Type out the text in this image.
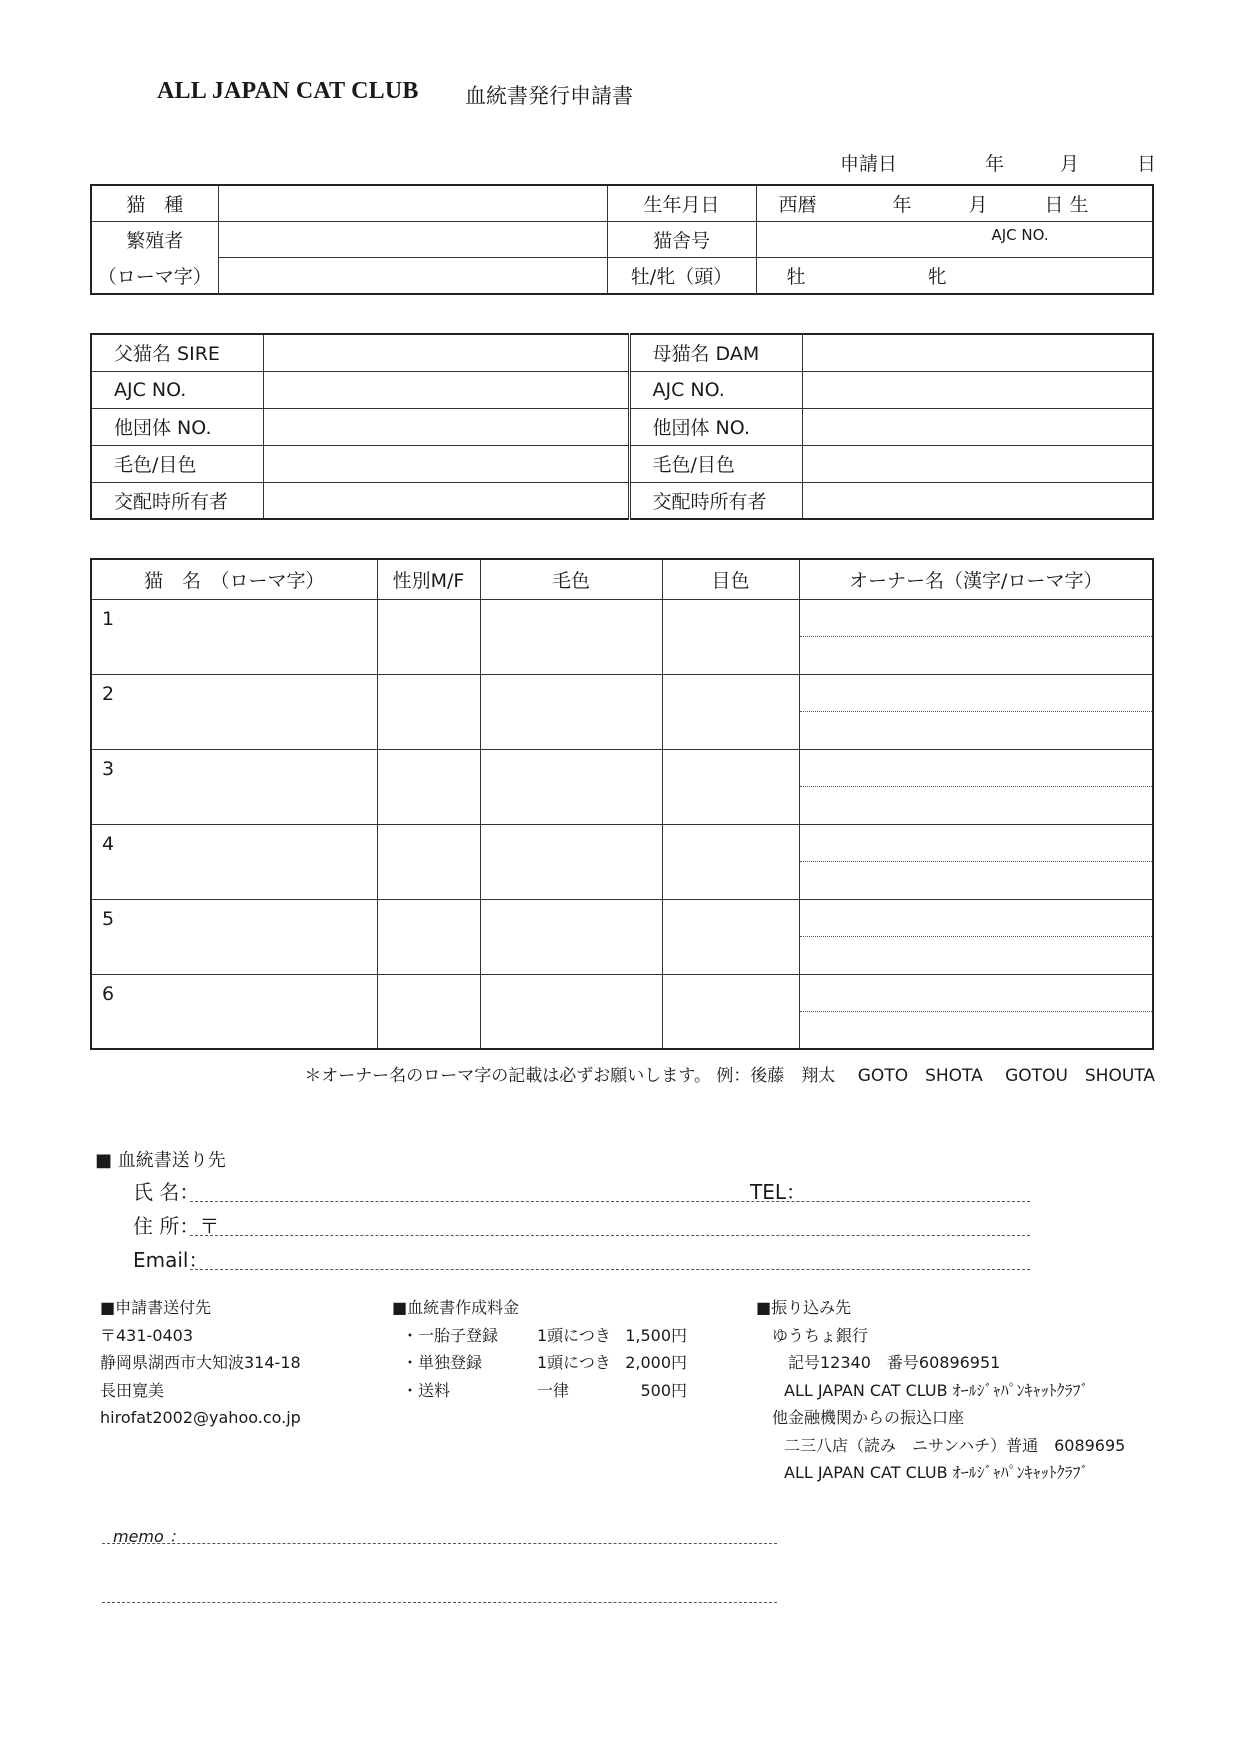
ALL JAPAN CAT CLUB 血統書発行申請書
申請日	年	月	日
猫　種		生年月日	西暦　　　　年　　　月　　　日 生
繁殖者		猫舎号	AJC NO.
（ローマ字）		牡/牝（頭）	牡 牝
父猫名 SIRE		母猫名 DAM	
AJC NO.		AJC NO.	
他団体 NO.		他団体 NO.	
毛色/目色		毛色/目色	
交配時所有者		交配時所有者	
猫　名　（ローマ字）	性別M/F	毛色	目色	オーナー名（漢字/ローマ字）
1				

2				

3				

4				

5				

6				
＊オーナー名のローマ字の記載は必ずお願いします。 例：後藤　翔太　 GOTO　SHOTA　 GOTOU　SHOUTA
■ 血統書送り先
氏 名：	TEL：
住 所：〒
Email：
■申請書送付先
〒431-0403
静岡県湖西市大知波314-18
長田寛美
hirofat2002@yahoo.co.jp
■血統書作成料金
・一胎子登録	1頭につき 1,500円
・単独登録	1頭につき 2,000円
・送料	一律	500円
■振り込み先
ゆうちょ銀行
記号12340　番号60896951
ALL JAPAN CAT CLUB ｵｰﾙｼﾞｬﾊﾟﾝｷｬｯﾄｸﾗﾌﾞ
他金融機関からの振込口座
二三八店（読み　ニサンハチ）普通　6089695
ALL JAPAN CAT CLUB ｵｰﾙｼﾞｬﾊﾟﾝｷｬｯﾄｸﾗﾌﾞ
memo ：
